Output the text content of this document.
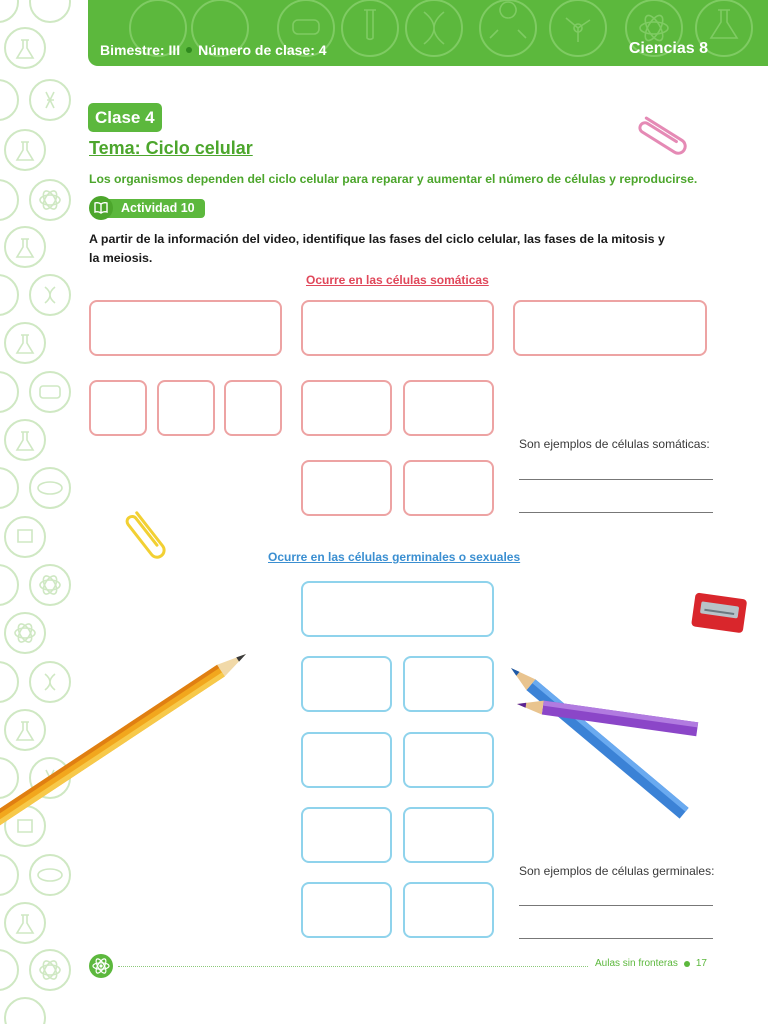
Bimestre: III Número de clase: 4	Ciencias 8
Clase 4
Tema: Ciclo celular
Los organismos dependen del ciclo celular para reparar y aumentar el número de células y reproducirse.
Actividad 10
A partir de la información del video, identifique las fases del ciclo celular, las fases de la mitosis y la meiosis.
Ocurre en las células somáticas
Son ejemplos de células somáticas:
Ocurre en las células germinales o sexuales
Son ejemplos de células germinales:
Aulas sin fronteras 17
